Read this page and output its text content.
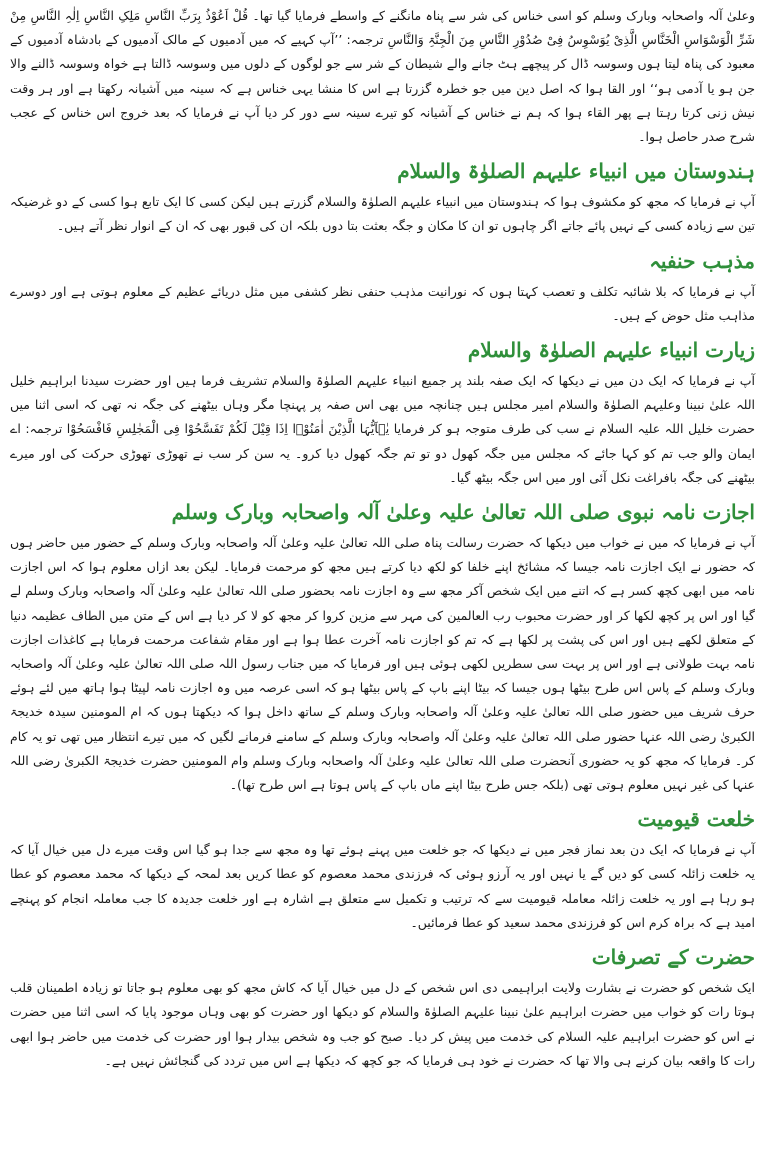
وعلیٰ آلہ واصحابہ وبارک وسلم کو اسی خناس کی شر سے پناہ مانگنے کے واسطے فرمایا گیا تھا۔ قُلْ اَعُوْذُ بِرَبِّ النَّاسِ مَلِکِ النَّاسِ اِلٰہِ النَّاسِ مِنْ شَرِّ الْوَسْوَاسِ الْخَنَّاسِ الَّذِیْ یُوَسْوِسُ فِیْ صُدُوْرِ النَّاسِ مِنَ الْجِنَّۃِ وَالنَّاسِ ترجمہ: ’’آپ کہیے کہ میں آدمیوں کے مالک آدمیوں کے بادشاہ آدمیوں کے معبود کی پناہ لیتا ہوں وسوسہ ڈال کر پیچھے ہٹ جانے والے شیطان کے شر سے جو لوگوں کے دلوں میں وسوسہ ڈالتا ہے خواہ وسوسہ ڈالنے والا جن ہو یا آدمی ہو‘‘ اور القا ہوا کہ اصل دین میں جو خطرہ گزرتا ہے اس کا منشا یہی خناس ہے کہ سینہ میں آشیانہ رکھتا ہے اور ہر وقت نیش زنی کرتا رہتا ہے پھر القاء ہوا کہ ہم نے خناس کے آشیانہ کو تیرے سینہ سے دور کر دیا آپ نے فرمایا کہ بعد خروج اس خناس کے عجب شرح صدر حاصل ہوا۔

ہندوستان میں انبیاء علیہم الصلوٰۃ والسلام

آپ نے فرمایا کہ مجھ کو مکشوف ہوا کہ ہندوستان میں انبیاء علیہم الصلوٰۃ والسلام گزرتے ہیں لیکن کسی کا ایک تابع ہوا کسی کے دو غرضیکہ تین سے زیادہ کسی کے نہیں پائے جاتے اگر چاہوں تو ان کا مکان و جگہ بعثت بتا دوں بلکہ ان کی قبور بھی کہ ان کے انوار نظر آتے ہیں۔

مذہب حنفیہ

آپ نے فرمایا کہ بلا شائبہ تکلف و تعصب کہتا ہوں کہ نورانیت مذہب حنفی نظر کشفی میں مثل دریائے عظیم کے معلوم ہوتی ہے اور دوسرے مذاہب مثل حوض کے ہیں۔

زیارت انبیاء علیہم الصلوٰۃ والسلام

آپ نے فرمایا کہ ایک دن میں نے دیکھا کہ ایک صفہ بلند پر جمیع انبیاء علیہم الصلوٰۃ والسلام تشریف فرما ہیں اور حضرت سیدنا ابراہیم خلیل اللہ علیٰ نبینا وعلیہم الصلوٰۃ والسلام امیر مجلس ہیں چنانچہ میں بھی اس صفہ پر پہنچا مگر وہاں بیٹھنے کی جگہ نہ تھی کہ اسی اثنا میں حضرت خلیل اللہ علیہ السلام نے سب کی طرف متوجہ ہو کر فرمایا یٰۤاَیُّہَا الَّذِیْنَ اٰمَنُوْۤا اِذَا قِیْلَ لَکُمْ تَفَسَّحُوْا فِی الْمَجٰلِسِ فَافْسَحُوْا ترجمہ: اے ایمان والو جب تم کو کہا جائے کہ مجلس میں جگہ کھول دو تو تم جگہ کھول دیا کرو۔ یہ سن کر سب نے تھوڑی تھوڑی حرکت کی اور میرے بیٹھنے کی جگہ بافراغت نکل آئی اور میں اس جگہ بیٹھ گیا۔

اجازت نامہ نبوی صلی اللہ تعالیٰ علیہ وعلیٰ آلہ واصحابہ وبارک وسلم

آپ نے فرمایا کہ میں نے خواب میں دیکھا کہ حضرت رسالت پناہ صلی اللہ تعالیٰ علیہ وعلیٰ آلہ واصحابہ وبارک وسلم کے حضور میں حاضر ہوں کہ حضور نے ایک اجازت نامہ جیسا کہ مشائخ اپنے خلفا کو لکھ دیا کرتے ہیں مجھ کو مرحمت فرمایا۔ لیکن بعد ازاں معلوم ہوا کہ اس اجازت نامہ میں ابھی کچھ کسر ہے کہ اتنے میں ایک شخص آکر مجھ سے وہ اجازت نامہ بحضور صلی اللہ تعالیٰ علیہ وعلیٰ آلہ واصحابہ وبارک وسلم لے گیا اور اس پر کچھ لکھا کر اور حضرت محبوب رب العالمین کی مہر سے مزین کروا کر مجھ کو لا کر دیا ہے اس کے متن میں الطاف عظیمہ دنیا کے متعلق لکھے ہیں اور اس کی پشت پر لکھا ہے کہ تم کو اجازت نامہ آخرت عطا ہوا ہے اور مقام شفاعت مرحمت فرمایا ہے کاغذات اجازت نامہ بہت طولانی ہے اور اس پر بہت سی سطریں لکھی ہوئی ہیں اور فرمایا کہ میں جناب رسول اللہ صلی اللہ تعالیٰ علیہ وعلیٰ آلہ واصحابہ وبارک وسلم کے پاس اس طرح بیٹھا ہوں جیسا کہ بیٹا اپنے باپ کے پاس بیٹھا ہو کہ اسی عرصہ میں وہ اجازت نامہ لپیٹا ہوا ہاتھ میں لئے ہوئے حرف شریف میں حضور صلی اللہ تعالیٰ علیہ وعلیٰ آلہ واصحابہ وبارک وسلم کے ساتھ داخل ہوا کہ دیکھتا ہوں کہ ام المومنین سیدہ خدیجۃ الکبریٰ رضی اللہ عنہا حضور صلی اللہ تعالیٰ علیہ وعلیٰ آلہ واصحابہ وبارک وسلم کے سامنے فرمانے لگیں کہ میں تیرے انتظار میں تھی تو یہ کام کر۔ فرمایا کہ مجھ کو یہ حضوری آنحضرت صلی اللہ تعالیٰ علیہ وعلیٰ آلہ واصحابہ وبارک وسلم وام المومنین حضرت خدیجۃ الکبریٰ رضی اللہ عنہا کی غیر نہیں معلوم ہوتی تھی (بلکہ جس طرح بیٹا اپنے ماں باپ کے پاس ہوتا ہے اس طرح تھا)۔

خلعت قیومیت

آپ نے فرمایا کہ ایک دن بعد نماز فجر میں نے دیکھا کہ جو خلعت میں پہنے ہوئے تھا وہ مجھ سے جدا ہو گیا اس وقت میرے دل میں خیال آیا کہ یہ خلعت زائلہ کسی کو دیں گے یا نہیں اور یہ آرزو ہوئی کہ فرزندی محمد معصوم کو عطا کریں بعد لمحہ کے دیکھا کہ محمد معصوم کو عطا ہو رہا ہے اور یہ خلعت زائلہ معاملہ قیومیت سے کہ ترتیب و تکمیل سے متعلق ہے اشارہ ہے اور خلعت جدیدہ کا جب معاملہ انجام کو پہنچے امید ہے کہ براہ کرم اس کو فرزندی محمد سعید کو عطا فرمائیں۔

حضرت کے تصرفات

ایک شخص کو حضرت نے بشارت ولایت ابراہیمی دی اس شخص کے دل میں خیال آیا کہ کاش مجھ کو بھی معلوم ہو جاتا تو زیادہ اطمینان قلب ہوتا رات کو خواب میں حضرت ابراہیم علیٰ نبینا علیہم الصلوٰۃ والسلام کو دیکھا اور حضرت کو بھی وہاں موجود پایا کہ اسی اثنا میں حضرت نے اس کو حضرت ابراہیم علیہ السلام کی خدمت میں پیش کر دیا۔ صبح کو جب وہ شخص بیدار ہوا اور حضرت کی خدمت میں حاضر ہوا ابھی رات کا واقعہ بیان کرنے ہی والا تھا کہ حضرت نے خود ہی فرمایا کہ جو کچھ کہ دیکھا ہے اس میں تردد کی گنجائش نہیں ہے۔
